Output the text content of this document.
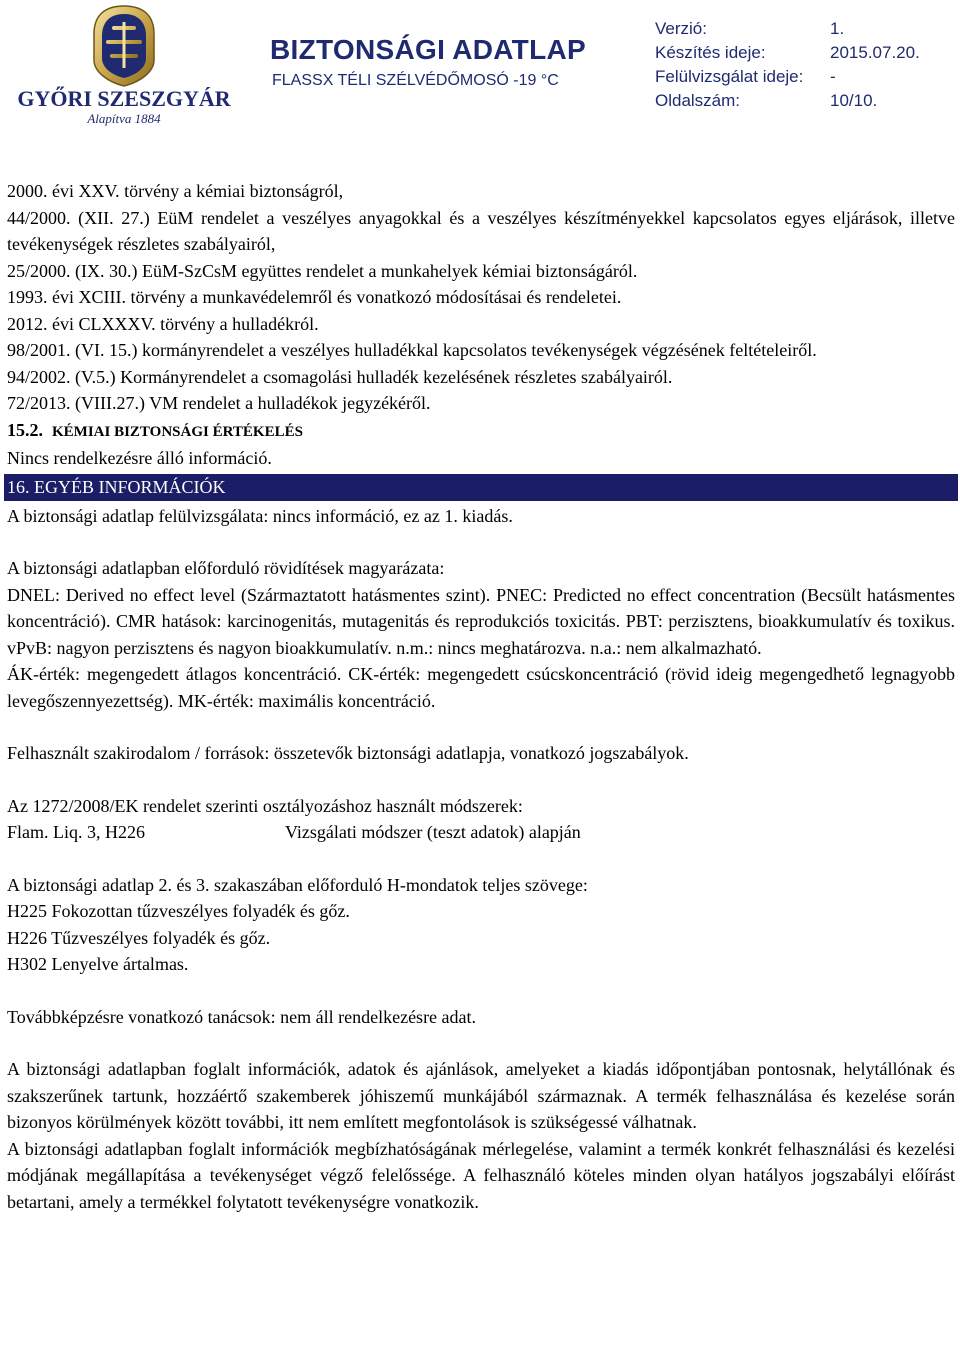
GYŐRI SZESZGYÁR
Alapítva 1884
BIZTONSÁGI ADATLAP
FLASSX TÉLI SZÉLVÉDŐMOSÓ -19 °C
Verzió:	1.
Készítés ideje:	2015.07.20.
Felülvizsgálat ideje: -
Oldalszám:	10/10.

2000. évi XXV. törvény a kémiai biztonságról,

44/2000. (XII. 27.) EüM rendelet a veszélyes anyagokkal és a veszélyes készítményekkel kapcsolatos egyes eljárások, illetve tevékenységek részletes szabályairól,

25/2000. (IX. 30.) EüM-SzCsM együttes rendelet a munkahelyek kémiai biztonságáról.

1993. évi XCIII. törvény a munkavédelemről és vonatkozó módosításai és rendeletei.

2012. évi CLXXXV. törvény a hulladékról.

98/2001. (VI. 15.) kormányrendelet a veszélyes hulladékkal kapcsolatos tevékenységek végzésének feltételeiről.

94/2002. (V.5.) Kormányrendelet a csomagolási hulladék kezelésének részletes szabályairól.

72/2013. (VIII.27.) VM rendelet a hulladékok jegyzékéről.

15.2. KÉMIAI BIZTONSÁGI ÉRTÉKELÉS

Nincs rendelkezésre álló információ.

16. EGYÉB INFORMÁCIÓK

A biztonsági adatlap felülvizsgálata: nincs információ, ez az 1. kiadás.

A biztonsági adatlapban előforduló rövidítések magyarázata:

DNEL: Derived no effect level (Származtatott hatásmentes szint). PNEC: Predicted no effect concentration (Becsült hatásmentes koncentráció). CMR hatások: karcinogenitás, mutagenitás és reprodukciós toxicitás. PBT: perzisztens, bioakkumulatív és toxikus. vPvB: nagyon perzisztens és nagyon bioakkumulatív. n.m.: nincs meghatározva. n.a.: nem alkalmazható.

ÁK-érték: megengedett átlagos koncentráció. CK-érték: megengedett csúcskoncentráció (rövid ideig megengedhető legnagyobb levegőszennyezettség). MK-érték: maximális koncentráció.

Felhasznált szakirodalom / források: összetevők biztonsági adatlapja, vonatkozó jogszabályok.

Az 1272/2008/EK rendelet szerinti osztályozáshoz használt módszerek:

Flam. Liq. 3, H226	Vizsgálati módszer (teszt adatok) alapján

A biztonsági adatlap 2. és 3. szakaszában előforduló H-mondatok teljes szövege:

H225 Fokozottan tűzveszélyes folyadék és gőz.

H226 Tűzveszélyes folyadék és gőz.

H302 Lenyelve ártalmas.

Továbbképzésre vonatkozó tanácsok: nem áll rendelkezésre adat.

A biztonsági adatlapban foglalt információk, adatok és ajánlások, amelyeket a kiadás időpontjában pontosnak, helytállónak és szakszerűnek tartunk, hozzáértő szakemberek jóhiszemű munkájából származnak. A termék felhasználása és kezelése során bizonyos körülmények között további, itt nem említett megfontolások is szükségessé válhatnak.

A biztonsági adatlapban foglalt információk megbízhatóságának mérlegelése, valamint a termék konkrét felhasználási és kezelési módjának megállapítása a tevékenységet végző felelőssége. A felhasználó köteles minden olyan hatályos jogszabályi előírást betartani, amely a termékkel folytatott tevékenységre vonatkozik.
